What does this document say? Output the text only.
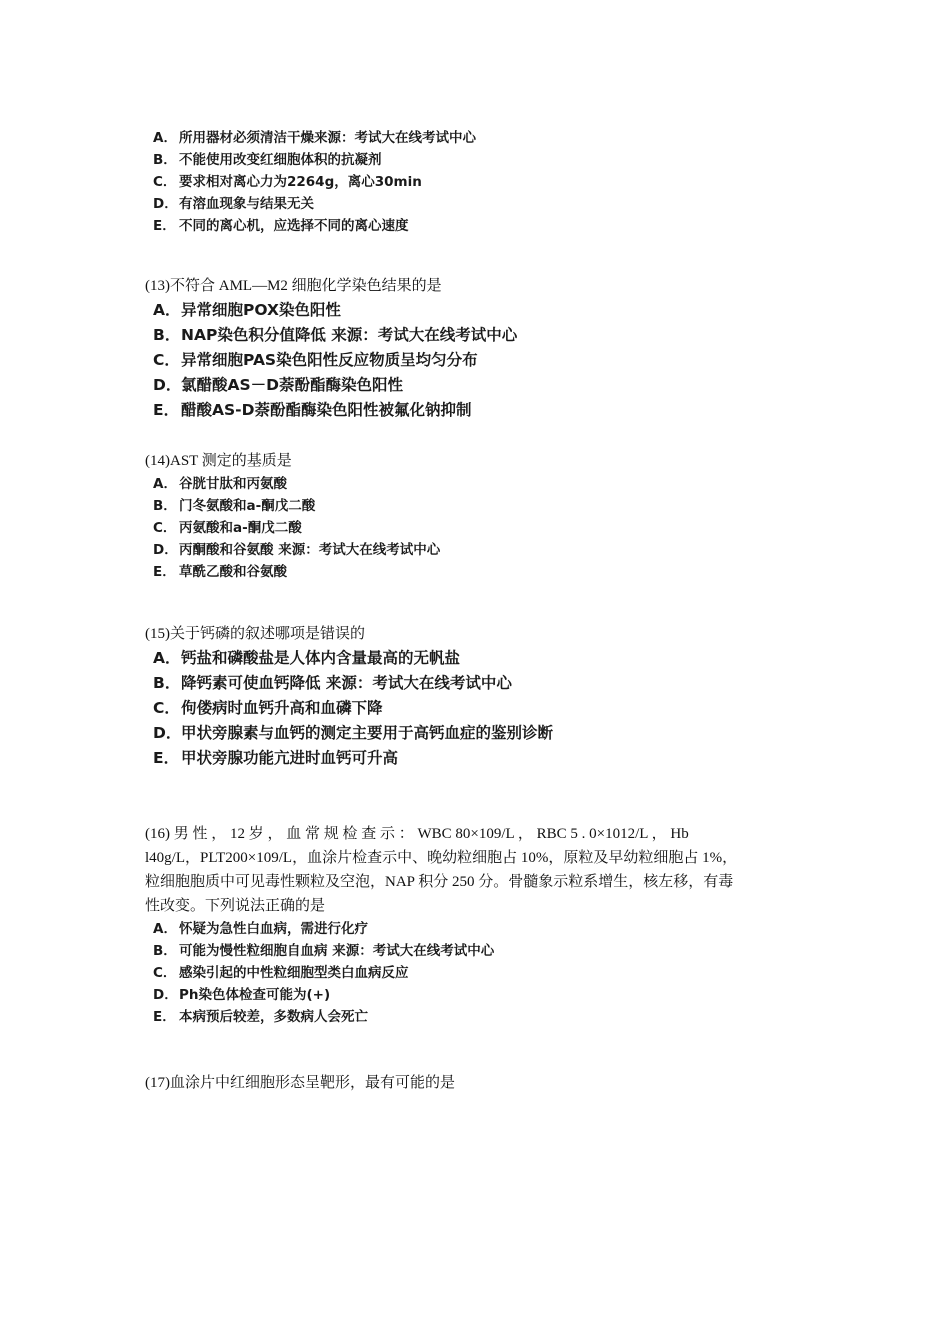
A． 所用器材必须清洁干燥来源：考试大在线考试中心

B． 不能使用改变红细胞体积的抗凝剂

C． 要求相对离心力为2264g，离心30min

D．有溶血现象与结果无关

E． 不同的离心机，应选择不同的离心速度

(13)不符合 AML—M2 细胞化学染色结果的是

A．异常细胞POX染色阳性

B．NAP染色积分值降低 来源：考试大在线考试中心

C．异常细胞PAS染色阳性反应物质呈均匀分布

D．氯醋酸AS－D萘酚酯酶染色阳性

E． 醋酸AS-D萘酚酯酶染色阳性被氟化钠抑制

(14)AST 测定的基质是

A． 谷胱甘肽和丙氨酸

B． 门冬氨酸和a-酮戊二酸

C． 丙氨酸和a-酮戊二酸

D．丙酮酸和谷氨酸 来源：考试大在线考试中心

E． 草酰乙酸和谷氨酸

(15)关于钙磷的叙述哪项是错误的

A．钙盐和磷酸盐是人体内含量最高的无帆盐

B．降钙素可使血钙降低 来源：考试大在线考试中心

C．佝偻病时血钙升高和血磷下降

D．甲状旁腺素与血钙的测定主要用于高钙血症的鉴别诊断

E． 甲状旁腺功能亢进时血钙可升高

(16) 男 性 ， 12 岁 ， 血 常 规 检 查 示 ： WBC 80×109/L ， RBC 5 . 0×1012/L ， Hb

l40g/L，PLT200×109/L，血涂片检查示中、晚幼粒细胞占 10%，原粒及早幼粒细胞占 1%，

粒细胞胞质中可见毒性颗粒及空泡，NAP 积分 250 分。骨髓象示粒系增生，核左移，有毒

性改变。下列说法正确的是

A． 怀疑为急性白血病，需进行化疗

B． 可能为慢性粒细胞自血病 来源：考试大在线考试中心

C． 感染引起的中性粒细胞型类白血病反应

D．Ph染色体检查可能为(+)

E． 本病预后较差，多数病人会死亡

(17)血涂片中红细胞形态呈靶形，最有可能的是
